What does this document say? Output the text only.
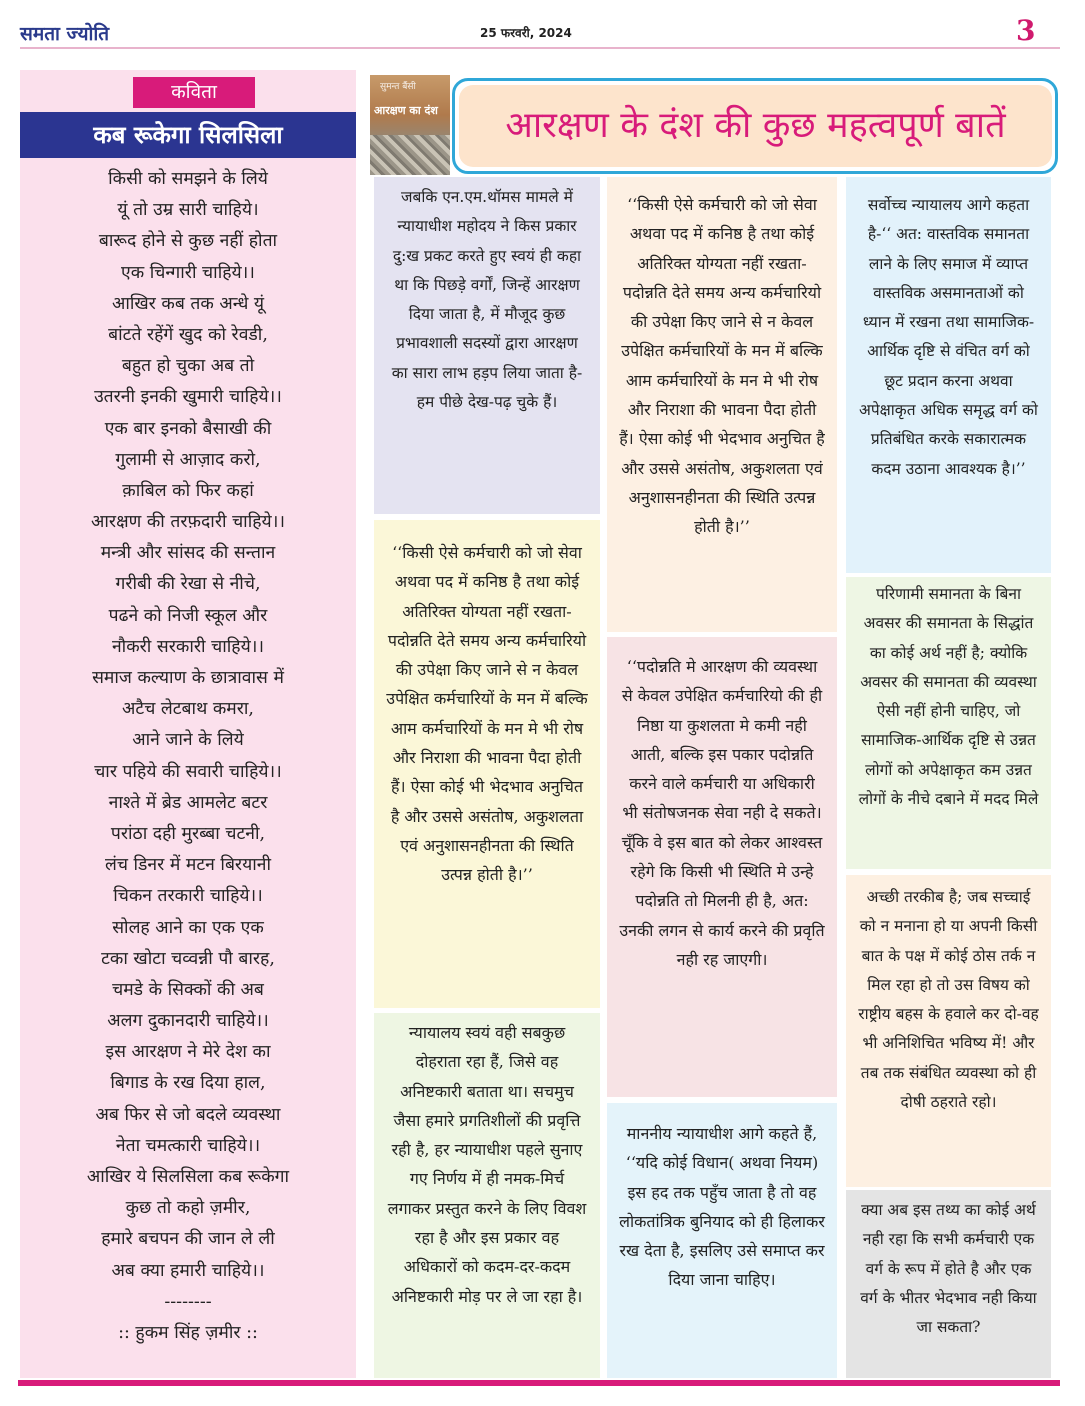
समता ज्योति	25 फरवरी, 2024	3
कविता
कब रूकेगा सिलसिला
किसी को समझने के लिये
यूं तो उम्र सारी चाहिये।
बारूद होने से कुछ नहीं होता
एक चिन्गारी चाहिये।।
आखिर कब तक अन्धे यूं
बांटते रहेंगें खुद को रेवडी,
बहुत हो चुका अब तो
उतरनी इनकी खुमारी चाहिये।।
एक बार इनको बैसाखी की
गुलामी से आज़ाद करो,
क़ाबिल को फिर कहां
आरक्षण की तरफ़दारी चाहिये।।
मन्त्री और सांसद की सन्तान
गरीबी की रेखा से नीचे,
पढने को निजी स्कूल और
नौकरी सरकारी चाहिये।।
समाज कल्याण के छात्रावास में
अटैच लेटबाथ कमरा,
आने जाने के लिये
चार पहिये की सवारी चाहिये।।
नाश्ते में ब्रेड आमलेट बटर
परांठा दही मुरब्बा चटनी,
लंच डिनर में मटन बिरयानी
चिकन तरकारी चाहिये।।
सोलह आने का एक एक
टका खोटा चव्वन्नी पौ बारह,
चमडे के सिक्कों की अब
अलग दुकानदारी चाहिये।।
इस आरक्षण ने मेरे देश का
बिगाड के रख दिया हाल,
अब फिर से जो बदले व्यवस्था
नेता चमत्कारी चाहिये।।
आखिर ये सिलसिला कब रूकेगा
कुछ तो कहो ज़मीर,
हमारे बचपन की जान ले ली
अब क्या हमारी चाहिये।।
--------
:: हुकम सिंह ज़मीर ::
सुमन्त बैंसी
आरक्षण का दंश	आरक्षण के दंश की कुछ महत्वपूर्ण बातें
जबकि एन.एम.थॉमस मामले में न्यायाधीश महोदय ने किस प्रकार दु:ख प्रकट करते हुए स्वयं ही कहा था कि पिछड़े वर्गों, जिन्हें आरक्षण दिया जाता है, में मौजूद कुछ प्रभावशाली सदस्यों द्वारा आरक्षण का सारा लाभ हड़प लिया जाता है-हम पीछे देख-पढ़ चुके हैं।
‘‘किसी ऐसे कर्मचारी को जो सेवा अथवा पद में कनिष्ठ है तथा कोई अतिरिक्त योग्यता नहीं रखता-पदोन्नति देते समय अन्य कर्मचारियो की उपेक्षा किए जाने से न केवल उपेक्षित कर्मचारियों के मन में बल्कि आम कर्मचारियों के मन मे भी रोष और निराशा की भावना पैदा होती हैं। ऐसा कोई भी भेदभाव अनुचित है और उससे असंतोष, अकुशलता एवं अनुशासनहीनता की स्थिति उत्पन्न होती है।’’
न्यायालय स्वयं वही सबकुछ दोहराता रहा हैं, जिसे वह अनिष्टकारी बताता था। सचमुच जैसा हमारे प्रगतिशीलों की प्रवृत्ति रही है, हर न्यायाधीश पहले सुनाए गए निर्णय में ही नमक-मिर्च लगाकर प्रस्तुत करने के लिए विवश रहा है और इस प्रकार वह अधिकारों को कदम-दर-कदम अनिष्टकारी मोड़ पर ले जा रहा है।
‘‘किसी ऐसे कर्मचारी को जो सेवा अथवा पद में कनिष्ठ है तथा कोई अतिरिक्त योग्यता नहीं रखता-पदोन्नति देते समय अन्य कर्मचारियो की उपेक्षा किए जाने से न केवल उपेक्षित कर्मचारियों के मन में बल्कि आम कर्मचारियों के मन मे भी रोष और निराशा की भावना पैदा होती हैं। ऐसा कोई भी भेदभाव अनुचित है और उससे असंतोष, अकुशलता एवं अनुशासनहीनता की स्थिति उत्पन्न होती है।’’
‘‘पदोन्नति मे आरक्षण की व्यवस्था से केवल उपेक्षित कर्मचारियो की ही निष्ठा या कुशलता मे कमी नही आती, बल्कि इस पकार पदोन्नति करने वाले कर्मचारी या अधिकारी भी संतोषजनक सेवा नही दे सकते। चूँकि वे इस बात को लेकर आश्वस्त रहेगे कि किसी भी स्थिति मे उन्हे पदोन्नति तो मिलनी ही है, अत: उनकी लगन से कार्य करने की प्रवृति नही रह जाएगी।
माननीय न्यायाधीश आगे कहते हैं, ‘‘यदि कोई विधान( अथवा नियम) इस हद तक पहुँच जाता है तो वह लोकतांत्रिक बुनियाद को ही हिलाकर रख देता है, इसलिए उसे समाप्त कर दिया जाना चाहिए।
सर्वोच्च न्यायालय आगे कहता है-‘‘ अत: वास्तविक समानता लाने के लिए समाज में व्याप्त वास्तविक असमानताओं को ध्यान में रखना तथा सामाजिक-आर्थिक दृष्टि से वंचित वर्ग को छूट प्रदान करना अथवा अपेक्षाकृत अधिक समृद्ध वर्ग को प्रतिबंधित करके सकारात्मक कदम उठाना आवश्यक है।’’
परिणामी समानता के बिना अवसर की समानता के सिद्धांत का कोई अर्थ नहीं है; क्योकि अवसर की समानता की व्यवस्था ऐसी नहीं होनी चाहिए, जो सामाजिक-आर्थिक दृष्टि से उन्नत लोगों को अपेक्षाकृत कम उन्नत लोगों के नीचे दबाने में मदद मिले
अच्छी तरकीब है; जब सच्चाई को न मनाना हो या अपनी किसी बात के पक्ष में कोई ठोस तर्क न मिल रहा हो तो उस विषय को राष्ट्रीय बहस के हवाले कर दो-वह भी अनिशिचित भविष्य में! और तब तक संबंधित व्यवस्था को ही दोषी ठहराते रहो।
क्या अब इस तथ्य का कोई अर्थ नही रहा कि सभी कर्मचारी एक वर्ग के रूप में होते है और एक वर्ग के भीतर भेदभाव नही किया जा सकता?
